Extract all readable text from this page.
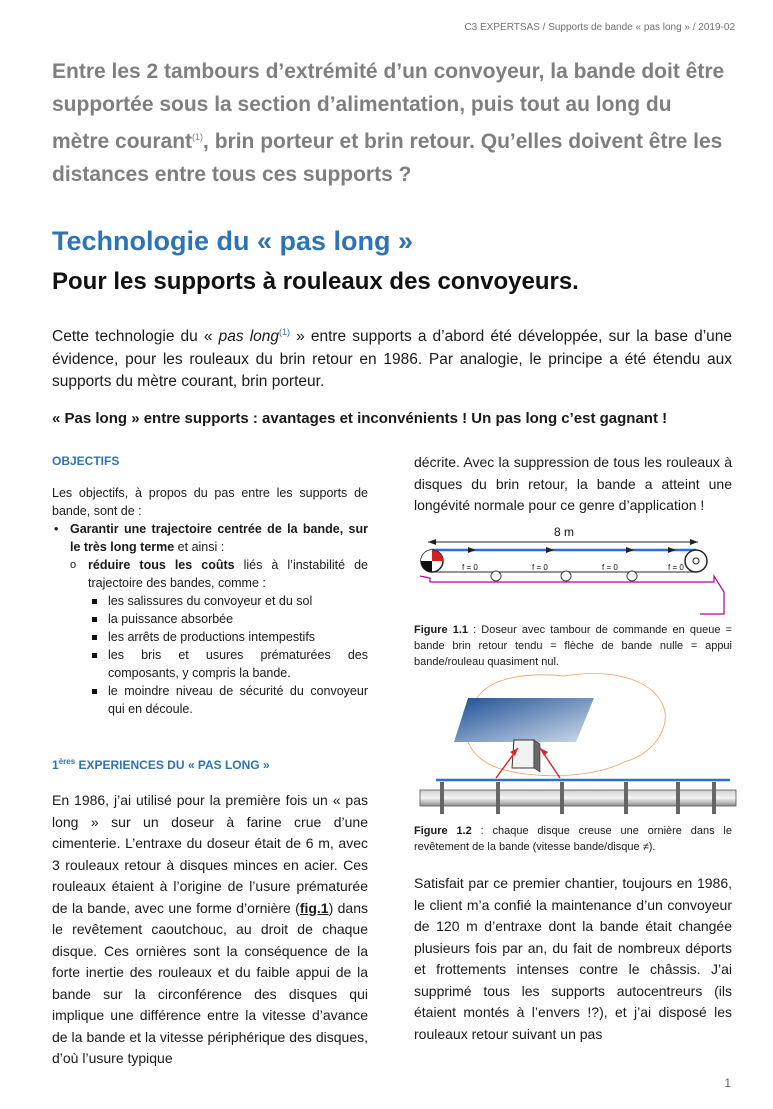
C3 EXPERTSAS / Supports de bande « pas long » / 2019-02
Entre les 2 tambours d’extrémité d’un convoyeur, la bande doit être supportée sous la section d’alimentation, puis tout au long du mètre courant$^{(1)}$, brin porteur et brin retour. Qu’elles doivent être les distances entre tous ces supports ?
Technologie du « pas long »
Pour les supports à rouleaux des convoyeurs.
Cette technologie du « pas long$^{(1)}$ » entre supports a d’abord été développée, sur la base d’une évidence, pour les rouleaux du brin retour en 1986. Par analogie, le principe a été étendu aux supports du mètre courant, brin porteur.
« Pas long » entre supports : avantages et inconvénients ! Un pas long c’est gagnant !
OBJECTIFS
Les objectifs, à propos du pas entre les supports de bande, sont de :
• Garantir une trajectoire centrée de la bande, sur le très long terme et ainsi :
o réduire tous les coûts liés à l’instabilité de trajectoire des bandes, comme :
les salissures du convoyeur et du sol
la puissance absorbée
les arrêts de productions intempestifs
les bris et usures prématurées des composants, y compris la bande.
le moindre niveau de sécurité du convoyeur qui en découle.
1ères EXPERIENCES DU « PAS LONG »
En 1986, j’ai utilisé pour la première fois un « pas long » sur un doseur à farine crue d’une cimenterie. L’entraxe du doseur était de 6 m, avec 3 rouleaux retour à disques minces en acier. Ces rouleaux étaient à l’origine de l’usure prématurée de la bande, avec une forme d’ornière (fig.1) dans le revêtement caoutchouc, au droit de chaque disque. Ces ornières sont la conséquence de la forte inertie des rouleaux et du faible appui de la bande sur la circonférence des disques qui implique une différence entre la vitesse d’avance de la bande et la vitesse périphérique des disques, d’où l’usure typique
décrite. Avec la suppression de tous les rouleaux à disques du brin retour, la bande a atteint une longévité normale pour ce genre d’application !
8 m
f = 0	f = 0	f = 0	f = 0
Figure 1.1 : Doseur avec tambour de commande en queue = bande brin retour tendu = flèche de bande nulle = appui bande/rouleau quasiment nul.
Figure 1.2 : chaque disque creuse une ornière dans le revêtement de la bande (vitesse bande/disque ≠).
Satisfait par ce premier chantier, toujours en 1986, le client m’a confié la maintenance d’un convoyeur de 120 m d’entraxe dont la bande était changée plusieurs fois par an, du fait de nombreux déports et frottements intenses contre le châssis. J’ai supprimé tous les supports autocentreurs (ils étaient montés à l’envers !?), et j’ai disposé les rouleaux retour suivant un pas
1
